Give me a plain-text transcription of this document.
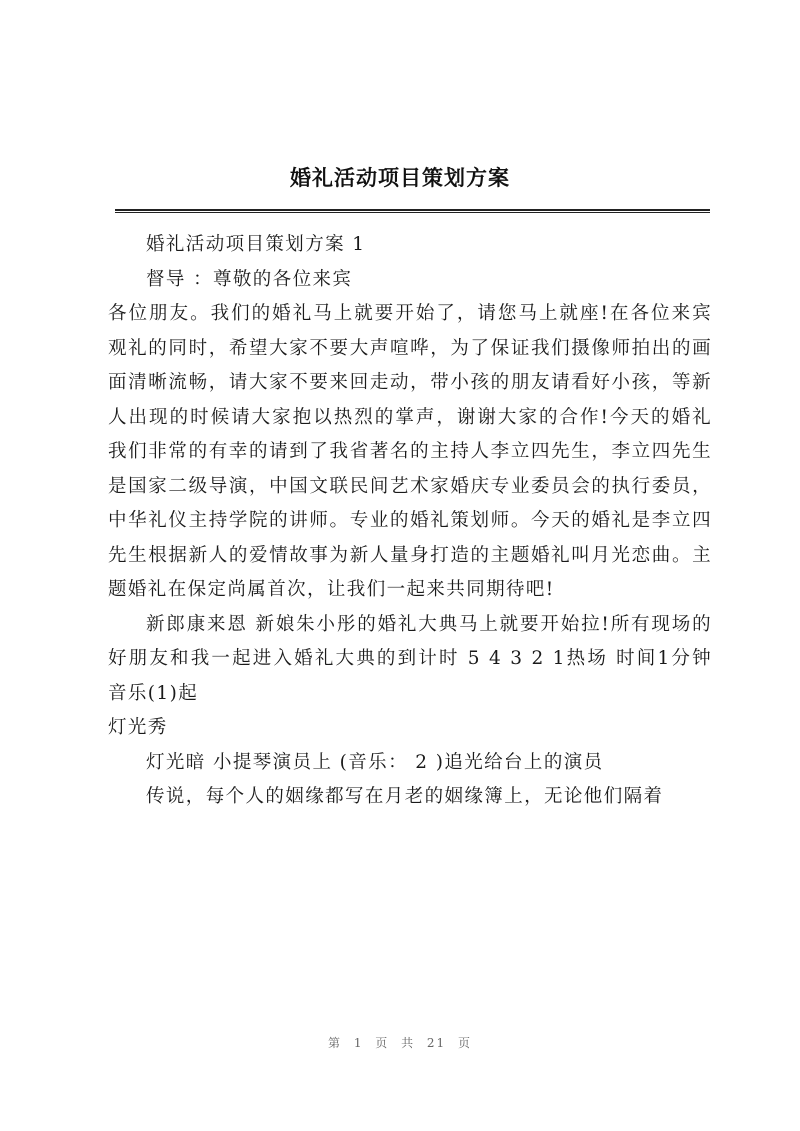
婚礼活动项目策划方案

婚礼活动项目策划方案 1

督导 ：尊敬的各位来宾

各位朋友。我们的婚礼马上就要开始了，请您马上就座!在各位来宾观礼的同时，希望大家不要大声喧哗，为了保证我们摄像师拍出的画面清晰流畅，请大家不要来回走动，带小孩的朋友请看好小孩，等新人出现的时候请大家抱以热烈的掌声，谢谢大家的合作!今天的婚礼我们非常的有幸的请到了我省著名的主持人李立四先生，李立四先生是国家二级导演，中国文联民间艺术家婚庆专业委员会的执行委员，中华礼仪主持学院的讲师。专业的婚礼策划师。今天的婚礼是李立四先生根据新人的爱情故事为新人量身打造的主题婚礼叫月光恋曲。主题婚礼在保定尚属首次，让我们一起来共同期待吧!

新郎康来恩 新娘朱小彤的婚礼大典马上就要开始拉!所有现场的好朋友和我一起进入婚礼大典的到计时 5 4 3 2 1热场 时间1分钟 音乐(1)起

灯光秀

灯光暗 小提琴演员上 (音乐： 2 )追光给台上的演员

传说，每个人的姻缘都写在月老的姻缘簿上，无论他们隔着

第 1 页 共 21 页
